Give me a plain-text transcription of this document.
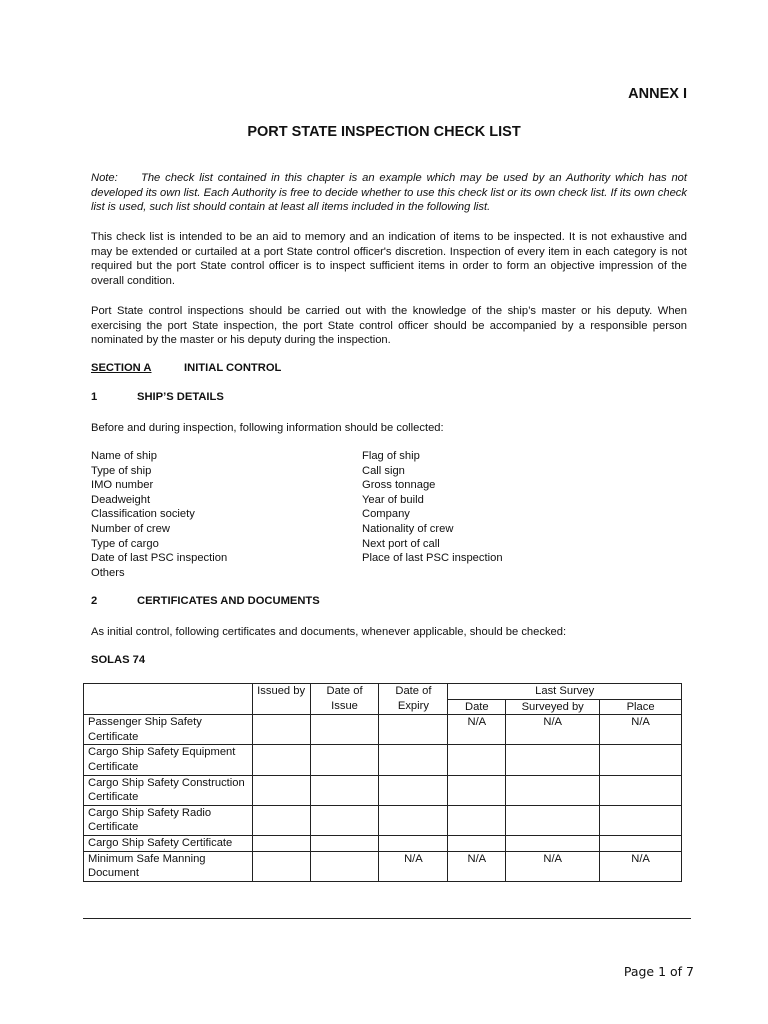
ANNEX I
PORT STATE INSPECTION CHECK LIST
Note: The check list contained in this chapter is an example which may be used by an Authority which has not developed its own list. Each Authority is free to decide whether to use this check list or its own check list. If its own check list is used, such list should contain at least all items included in the following list.
This check list is intended to be an aid to memory and an indication of items to be inspected. It is not exhaustive and may be extended or curtailed at a port State control officer's discretion. Inspection of every item in each category is not required but the port State control officer is to inspect sufficient items in order to form an objective impression of the overall condition.
Port State control inspections should be carried out with the knowledge of the ship’s master or his deputy. When exercising the port State inspection, the port State control officer should be accompanied by a responsible person nominated by the master or his deputy during the inspection.
SECTION A	INITIAL CONTROL
1	SHIP’S DETAILS
Before and during inspection, following information should be collected:
Name of ship
Type of ship
IMO number
Deadweight
Classification society
Number of crew
Type of cargo
Date of last PSC inspection
Others
Flag of ship
Call sign
Gross tonnage
Year of build
Company
Nationality of crew
Next port of call
Place of last PSC inspection
2	CERTIFICATES AND DOCUMENTS
As initial control, following certificates and documents, whenever applicable, should be checked:
SOLAS 74
	Issued by	Date of Issue	Date of Expiry	Last Survey		
				Date	Surveyed by	Place
Passenger Ship Safety Certificate				N/A	N/A	N/A
Cargo Ship Safety Equipment Certificate						
Cargo Ship Safety Construction Certificate						
Cargo Ship Safety Radio Certificate						
Cargo Ship Safety Certificate						
Minimum Safe Manning Document			N/A	N/A	N/A	N/A
Page 1 of 7
